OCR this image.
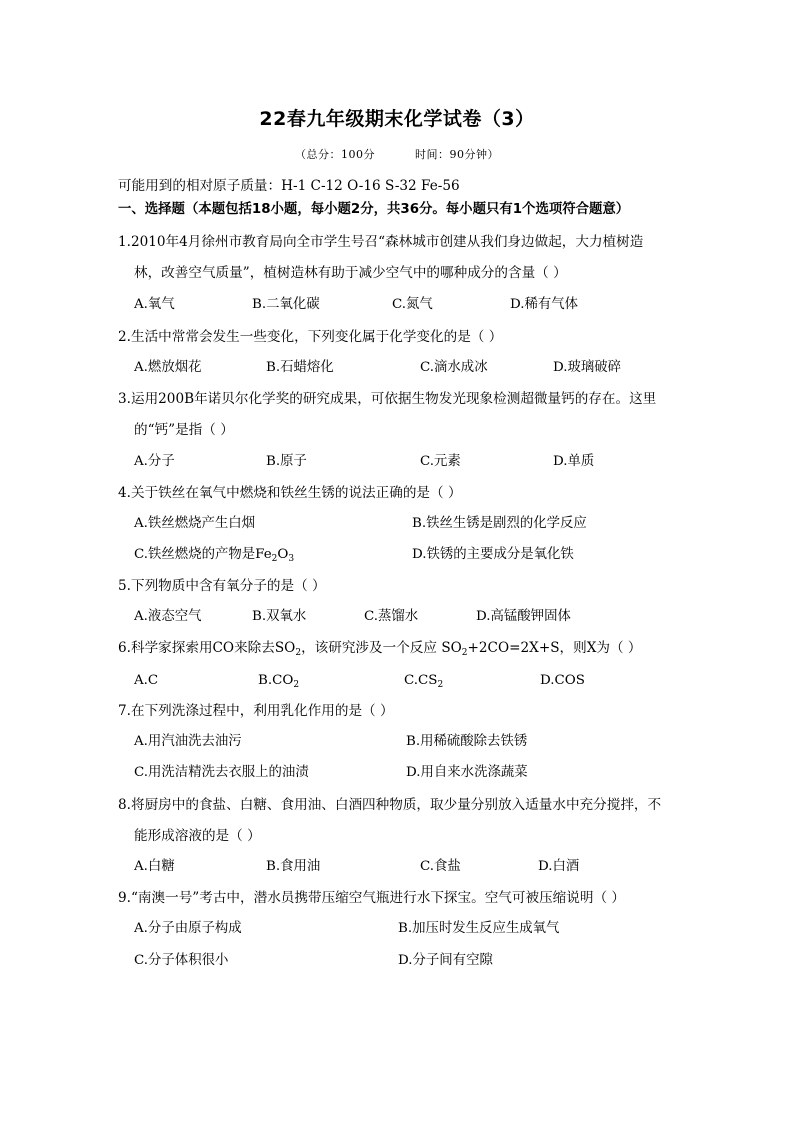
22春九年级期末化学试卷（3）
（总分：100分	时间：90分钟）
可能用到的相对原子质量：H-1 C-12 O-16 S-32 Fe-56
一、选择题（本题包括18小题，每小题2分，共36分。每小题只有1个选项符合题意）
1.2010年4月徐州市教育局向全市学生号召“森林城市创建从我们身边做起，大力植树造
林，改善空气质量”，植树造林有助于减少空气中的哪种成分的含量（ ）
A.氧气	B.二氧化碳	C.氮气	D.稀有气体
2.生活中常常会发生一些变化，下列变化属于化学变化的是（ ）
A.燃放烟花	B.石蜡熔化	C.滴水成冰	D.玻璃破碎
3.运用200B年诺贝尔化学奖的研究成果，可依据生物发光现象检测超微量钙的存在。这里
的“钙”是指（ ）
A.分子	B.原子	C.元素	D.单质
4.关于铁丝在氧气中燃烧和铁丝生锈的说法正确的是（ ）
A.铁丝燃烧产生白烟	B.铁丝生锈是剧烈的化学反应
C.铁丝燃烧的产物是$Fe_2O_3$	D.铁锈的主要成分是氧化铁
5.下列物质中含有氧分子的是（ ）
A.液态空气	B.双氧水	C.蒸馏水	D.高锰酸钾固体
6.科学家探索用CO来除去$SO_2$，该研究涉及一个反应 $SO_2+2CO=2X+S$，则X为（ ）
A.C	$B.CO_2$	$C.CS_2$	D.COS
7.在下列洗涤过程中，利用乳化作用的是（ ）
A.用汽油洗去油污	B.用稀硫酸除去铁锈
C.用洗洁精洗去衣服上的油渍	D.用自来水洗涤蔬菜
8.将厨房中的食盐、白糖、食用油、白酒四种物质，取少量分别放入适量水中充分搅拌，不
能形成溶液的是（ ）
A.白糖	B.食用油	C.食盐	D.白酒
9.“南澳一号”考古中，潜水员携带压缩空气瓶进行水下探宝。空气可被压缩说明（ ）
A.分子由原子构成	B.加压时发生反应生成氧气
C.分子体积很小	D.分子间有空隙
